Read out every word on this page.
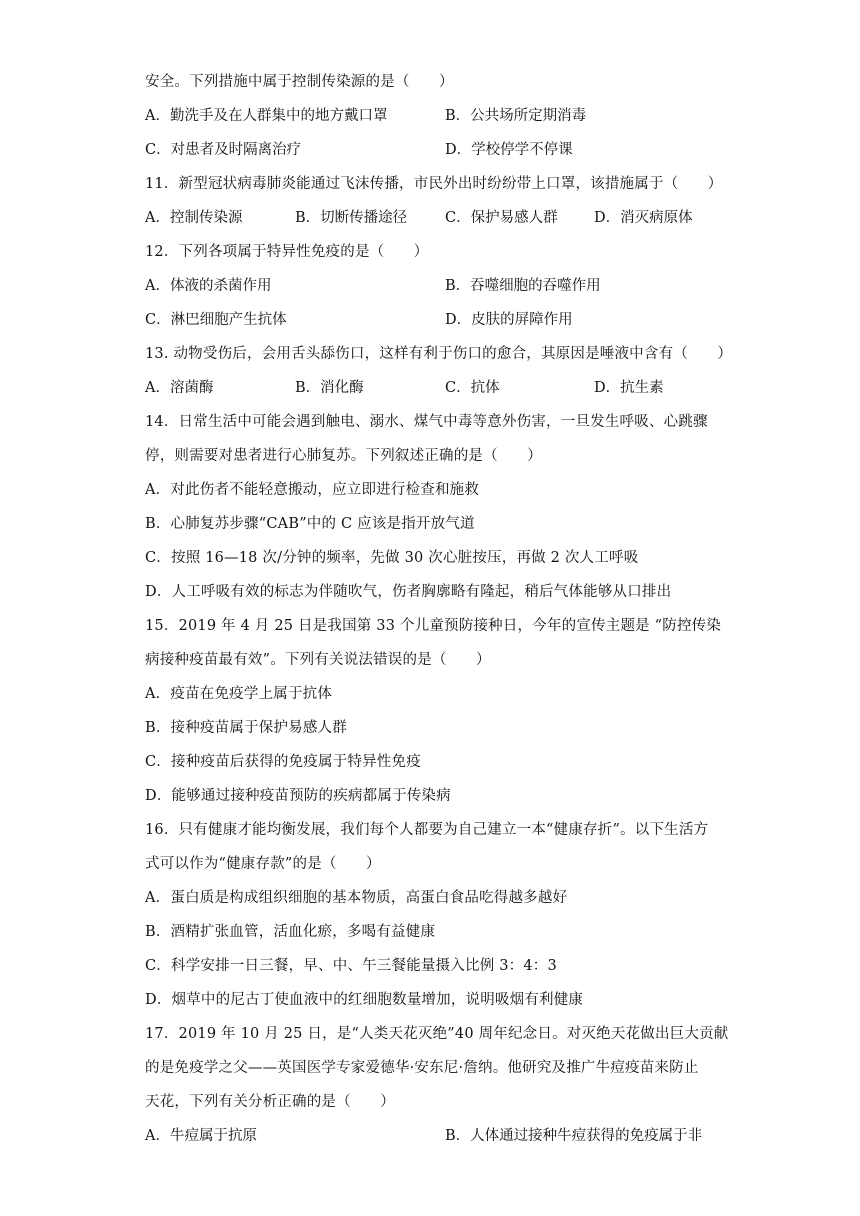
安全。下列措施中属于控制传染源的是（　　）
A．勤洗手及在人群集中的地方戴口罩	B．公共场所定期消毒
C．对患者及时隔离治疗	D．学校停学不停课
11．新型冠状病毒肺炎能通过飞沫传播，市民外出时纷纷带上口罩，该措施属于（　　）
A．控制传染源	B．切断传播途径	C．保护易感人群	D．消灭病原体
12．下列各项属于特异性免疫的是（　　）
A．体液的杀菌作用	B．吞噬细胞的吞噬作用
C．淋巴细胞产生抗体	D．皮肤的屏障作用
13. 动物受伤后，会用舌头舔伤口，这样有利于伤口的愈合，其原因是唾液中含有（　　）
A．溶菌酶	B．消化酶	C．抗体	D．抗生素
14．日常生活中可能会遇到触电、溺水、煤气中毒等意外伤害，一旦发生呼吸、心跳骤
停，则需要对患者进行心肺复苏。下列叙述正确的是（　　）
A．对此伤者不能轻意搬动，应立即进行检查和施救
B．心肺复苏步骤“CAB”中的 C 应该是指开放气道
C．按照 16—18 次/分钟的频率，先做 30 次心脏按压，再做 2 次人工呼吸
D．人工呼吸有效的标志为伴随吹气，伤者胸廓略有隆起，稍后气体能够从口排出
15．2019 年 4 月 25 日是我国第 33 个儿童预防接种日，今年的宣传主题是 “防控传染
病接种疫苗最有效”。下列有关说法错误的是（　　）
A．疫苗在免疫学上属于抗体
B．接种疫苗属于保护易感人群
C．接种疫苗后获得的免疫属于特异性免疫
D．能够通过接种疫苗预防的疾病都属于传染病
16．只有健康才能均衡发展，我们每个人都要为自己建立一本“健康存折”。以下生活方
式可以作为“健康存款”的是（　　）
A．蛋白质是构成组织细胞的基本物质，高蛋白食品吃得越多越好
B．酒精扩张血管，活血化瘀，多喝有益健康
C．科学安排一日三餐，早、中、午三餐能量摄入比例 3：4：3
D．烟草中的尼古丁使血液中的红细胞数量增加，说明吸烟有利健康
17．2019 年 10 月 25 日，是“人类天花灭绝”40 周年纪念日。对灭绝天花做出巨大贡献
的是免疫学之父——英国医学专家爱德华·安东尼·詹纳。他研究及推广牛痘疫苗来防止
天花，下列有关分析正确的是（　　）
A．牛痘属于抗原	B．人体通过接种牛痘获得的免疫属于非
